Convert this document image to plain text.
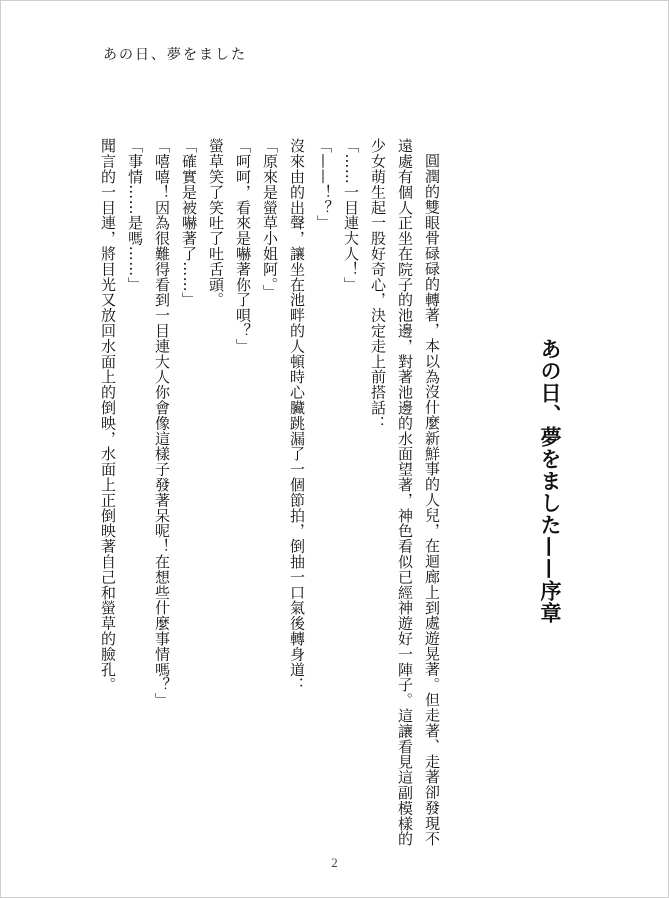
あの日、夢をました
あの日、夢をました——序章

圓潤的雙眼骨碌碌的轉著，本以為沒什麼新鮮事的人兒，在迴廊上到處遊晃著。但走著、走著卻發現不遠處有個人正坐在院子的池邊，對著池邊的水面望著，神色看似已經神遊好一陣子。這讓看見這副模樣的少女萌生起一股好奇心，決定走上前搭話：

「……一目連大人！」

「——！？」

沒來由的出聲，讓坐在池畔的人頓時心臟跳漏了一個節拍，倒抽一口氣後轉身道：

「原來是螢草小姐阿。」

「呵呵，看來是嚇著你了唄？」

螢草笑了笑吐了吐舌頭。

「確實是被嚇著了……」

「嘻嘻！因為很難得看到一目連大人你會像這樣子發著呆呢！在想些什麼事情嗎？」

「事情……是嗎……」

聞言的一目連，將目光又放回水面上的倒映，水面上正倒映著自己和螢草的臉孔。

2
